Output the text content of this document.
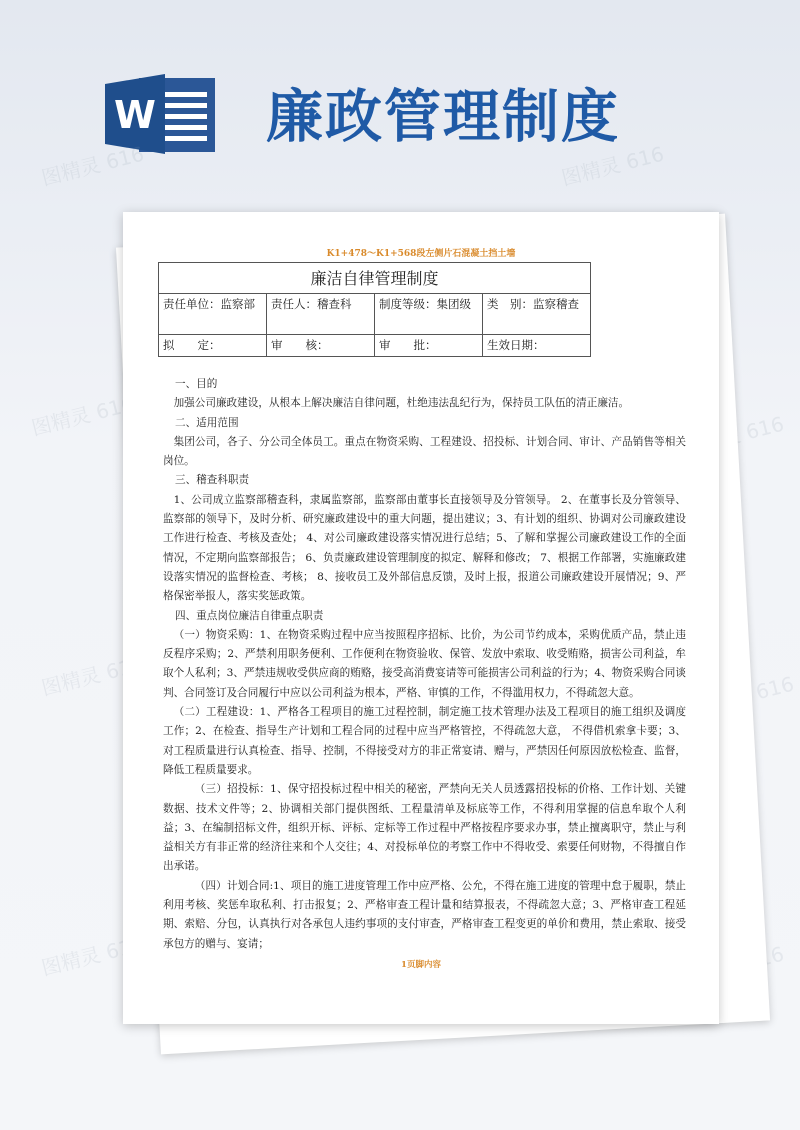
W 廉政管理制度

K1+478～K1+568段左侧片石混凝土挡土墙

廉洁自律管理制度			
责任单位：监察部	责任人：稽查科	制度等级：集团级	类　别：监察稽查
拟　　定：	审　　核：	审　　批：	生效日期：

一、目的

加强公司廉政建设，从根本上解决廉洁自律问题，杜绝违法乱纪行为，保持员工队伍的清正廉洁。

二、适用范围

集团公司，各子、分公司全体员工。重点在物资采购、工程建设、招投标、计划合同、审计、产品销售等相关岗位。

三、稽查科职责

1、公司成立监察部稽查科，隶属监察部，监察部由董事长直接领导及分管领导。 2、在董事长及分管领导、监察部的领导下，及时分析、研究廉政建设中的重大问题，提出建议；3、有计划的组织、协调对公司廉政建设工作进行检查、考核及查处； 4、对公司廉政建设落实情况进行总结；5、了解和掌握公司廉政建设工作的全面情况，不定期向监察部报告； 6、负责廉政建设管理制度的拟定、解释和修改； 7、根据工作部署，实施廉政建设落实情况的监督检查、考核； 8、接收员工及外部信息反馈，及时上报，报道公司廉政建设开展情况；9、严格保密举报人，落实奖惩政策。

四、重点岗位廉洁自律重点职责

（一）物资采购：1、在物资采购过程中应当按照程序招标、比价，为公司节约成本，采购优质产品，禁止违反程序采购；2、严禁利用职务便利、工作便利在物资验收、保管、发放中索取、收受贿赂，损害公司利益，牟取个人私利；3、严禁违规收受供应商的贿赂，接受高消费宴请等可能损害公司利益的行为；4、物资采购合同谈判、合同签订及合同履行中应以公司利益为根本，严格、审慎的工作，不得滥用权力，不得疏忽大意。

（二）工程建设：1、严格各工程项目的施工过程控制，制定施工技术管理办法及工程项目的施工组织及调度工作；2、在检查、指导生产计划和工程合同的过程中应当严格管控，不得疏忽大意， 不得借机索拿卡要；3、对工程质量进行认真检查、指导、控制，不得接受对方的非正常宴请、赠与，严禁因任何原因放松检查、监督，降低工程质量要求。

（三）招投标：1、保守招投标过程中相关的秘密，严禁向无关人员透露招投标的价格、工作计划、关键数据、技术文件等；2、协调相关部门提供图纸、工程量清单及标底等工作，不得利用掌握的信息牟取个人利益；3、在编制招标文件，组织开标、评标、定标等工作过程中严格按程序要求办事，禁止擅离职守，禁止与利益相关方有非正常的经济往来和个人交往；4、对投标单位的考察工作中不得收受、索要任何财物，不得擅自作出承诺。

（四）计划合同:1、项目的施工进度管理工作中应严格、公允，不得在施工进度的管理中怠于履职，禁止利用考核、奖惩牟取私利、打击报复；2、严格审查工程计量和结算报表，不得疏忽大意；3、严格审查工程延期、索赔、分包，认真执行对各承包人违约事项的支付审查，严格审查工程变更的单价和费用，禁止索取、接受承包方的赠与、宴请；

1页脚内容
